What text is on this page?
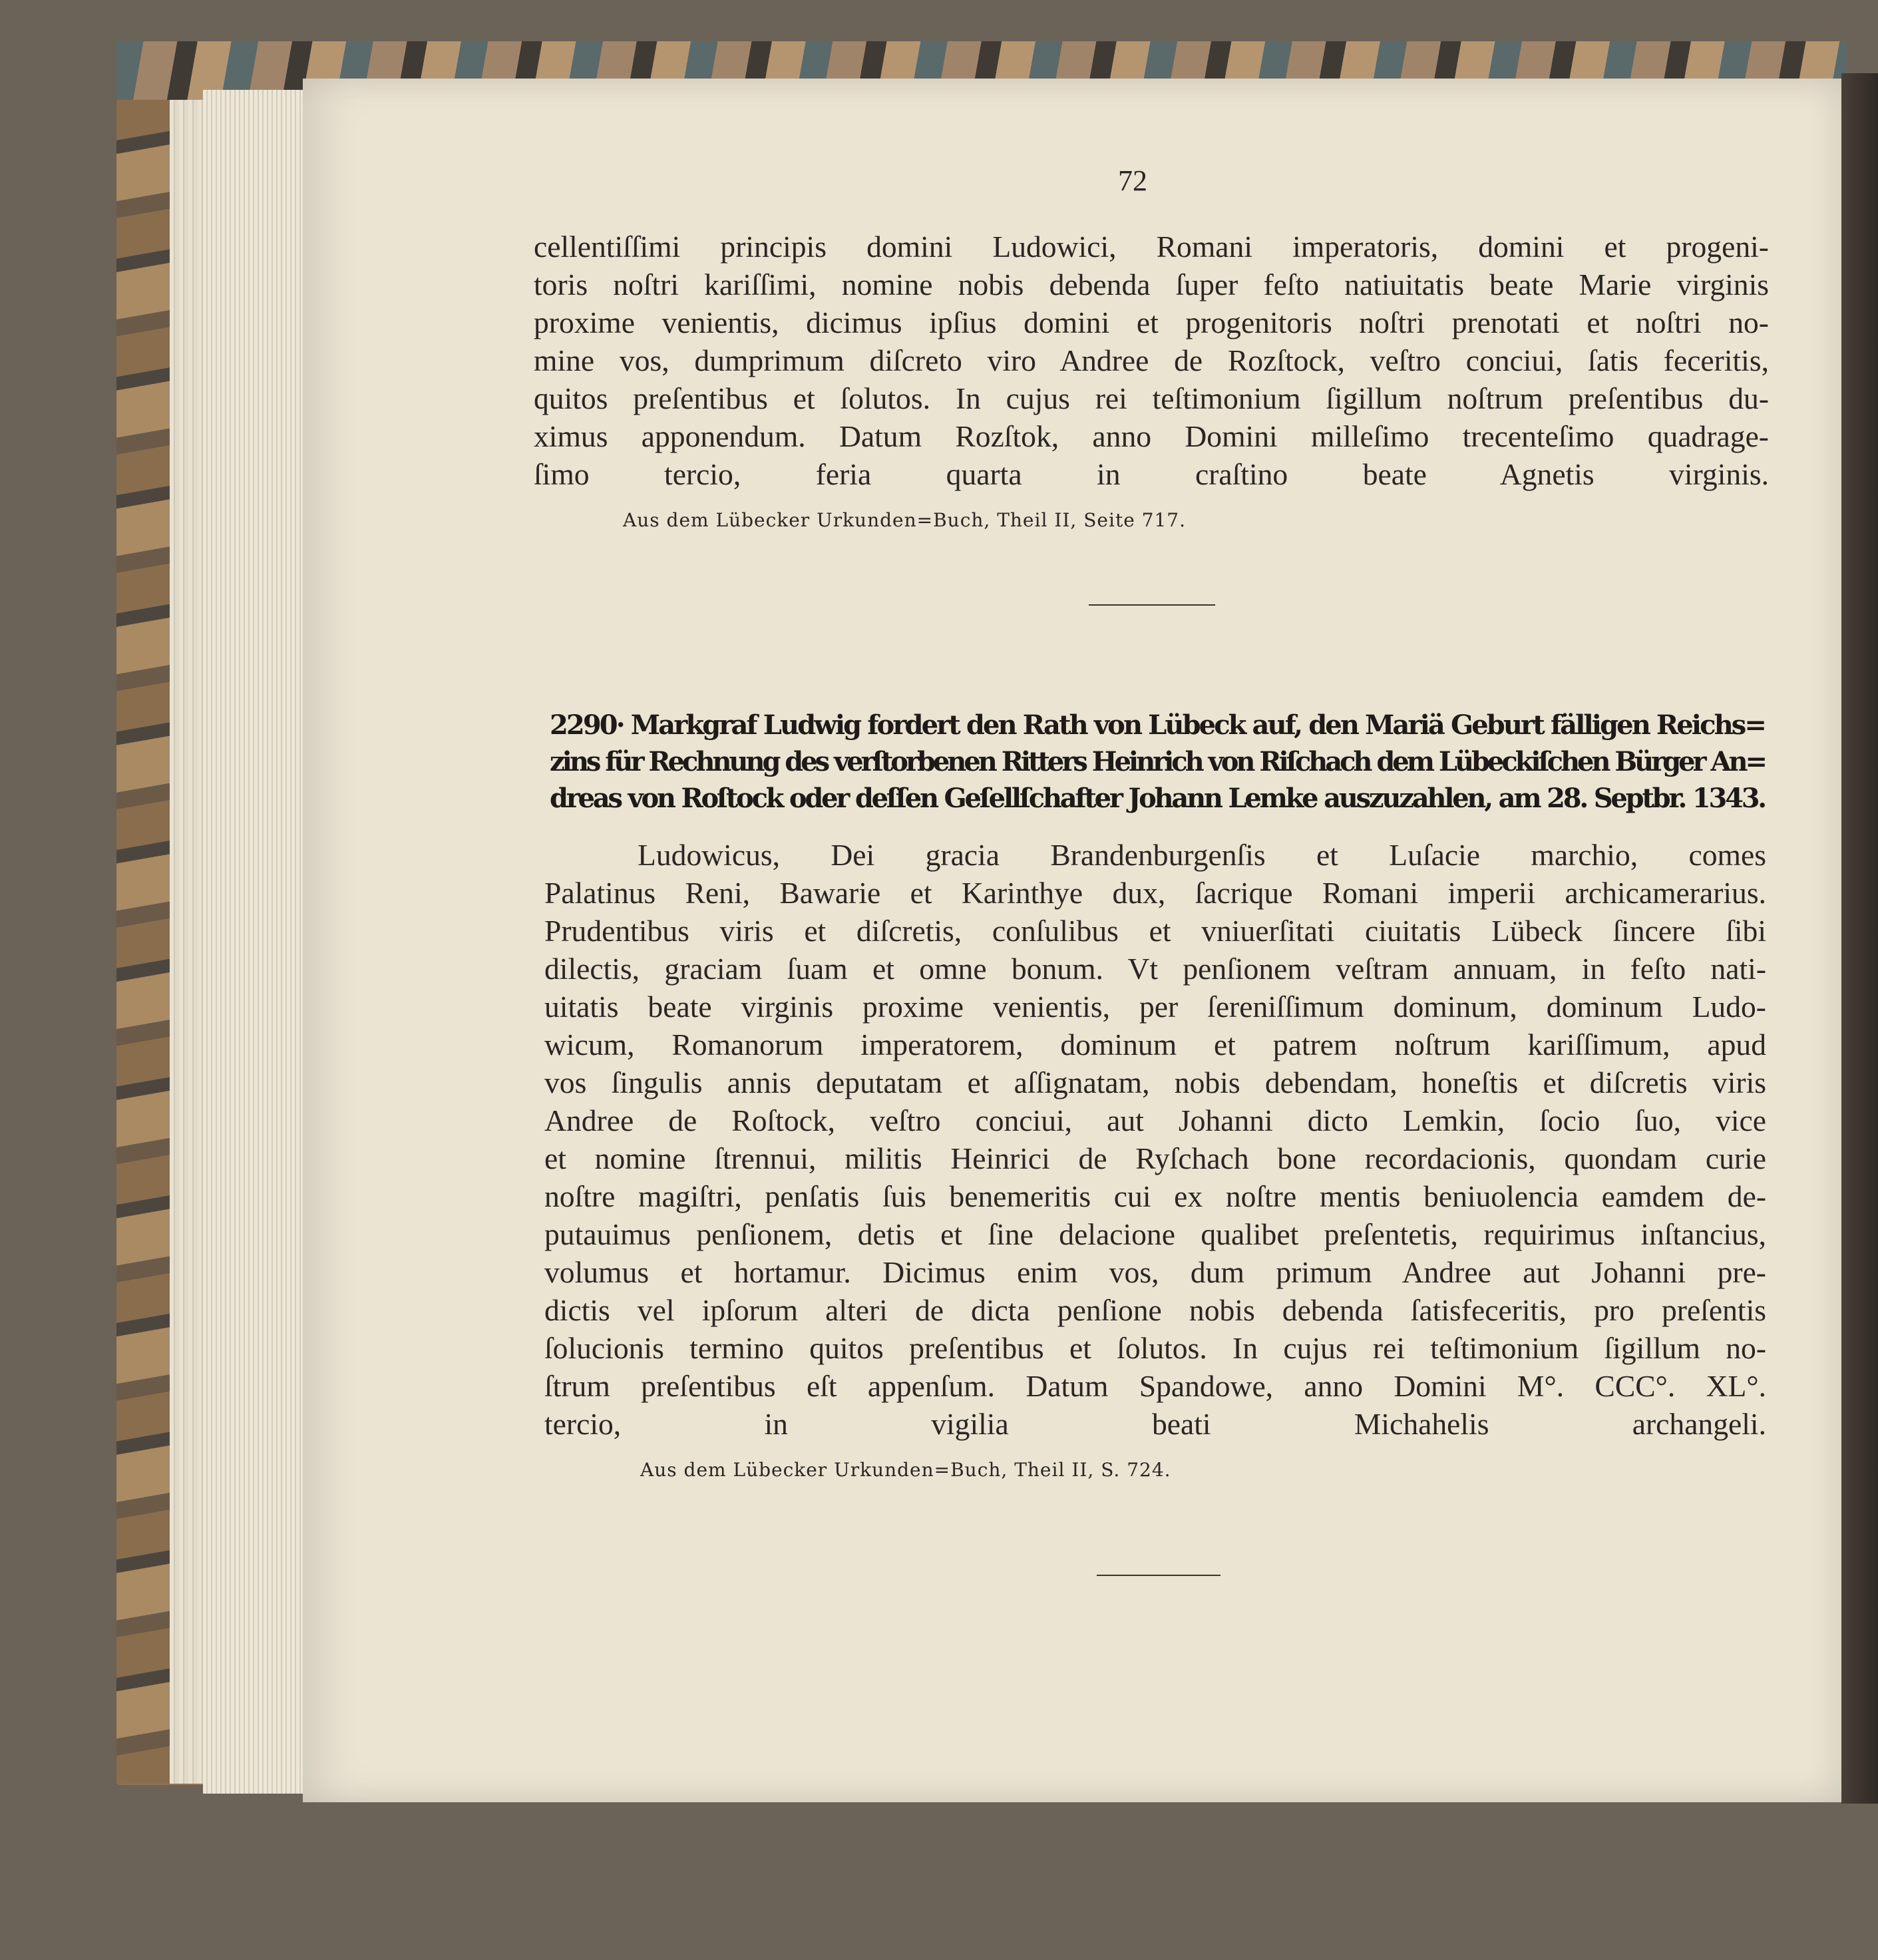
72
cellentiſſimi principis domini Ludowici, Romani imperatoris, domini et progeni-
toris noſtri kariſſimi, nomine nobis debenda ſuper feſto natiuitatis beate Marie virginis
proxime venientis, dicimus ipſius domini et progenitoris noſtri prenotati et noſtri no-
mine vos, dumprimum diſcreto viro Andree de Rozſtock, veſtro conciui, ſatis feceritis,
quitos preſentibus et ſolutos. In cujus rei teſtimonium ſigillum noſtrum preſentibus du-
ximus apponendum. Datum Rozſtok, anno Domini milleſimo trecenteſimo quadrage-
ſimo tercio, feria quarta in craſtino beate Agnetis virginis.
Aus dem Lübecker Urkunden=Buch, Theil II, Seite 717.
2290· Markgraf Ludwig fordert den Rath von Lübeck auf, den Mariä Geburt fälligen Reichs=
zins für Rechnung des verſtorbenen Ritters Heinrich von Riſchach dem Lübeckiſchen Bürger An=
dreas von Roſtock oder deſſen Geſellſchafter Johann Lemke auszuzahlen, am 28. Septbr. 1343.
Ludowicus, Dei gracia Brandenburgenſis et Luſacie marchio, comes
Palatinus Reni, Bawarie et Karinthye dux, ſacrique Romani imperii archicamerarius.
Prudentibus viris et diſcretis, conſulibus et vniuerſitati ciuitatis Lübeck ſincere ſibi
dilectis, graciam ſuam et omne bonum. Vt penſionem veſtram annuam, in feſto nati-
uitatis beate virginis proxime venientis, per ſereniſſimum dominum, dominum Ludo-
wicum, Romanorum imperatorem, dominum et patrem noſtrum kariſſimum, apud
vos ſingulis annis deputatam et aſſignatam, nobis debendam, honeſtis et diſcretis viris
Andree de Roſtock, veſtro conciui, aut Johanni dicto Lemkin, ſocio ſuo, vice
et nomine ſtrennui, militis Heinrici de Ryſchach bone recordacionis, quondam curie
noſtre magiſtri, penſatis ſuis benemeritis cui ex noſtre mentis beniuolencia eamdem de-
putauimus penſionem, detis et ſine delacione qualibet preſentetis, requirimus inſtancius,
volumus et hortamur. Dicimus enim vos, dum primum Andree aut Johanni pre-
dictis vel ipſorum alteri de dicta penſione nobis debenda ſatisfeceritis, pro preſentis
ſolucionis termino quitos preſentibus et ſolutos. In cujus rei teſtimonium ſigillum no-
ſtrum preſentibus eſt appenſum. Datum Spandowe, anno Domini M°. CCC°. XL°.
tercio, in vigilia beati Michahelis archangeli.
Aus dem Lübecker Urkunden=Buch, Theil II, S. 724.
